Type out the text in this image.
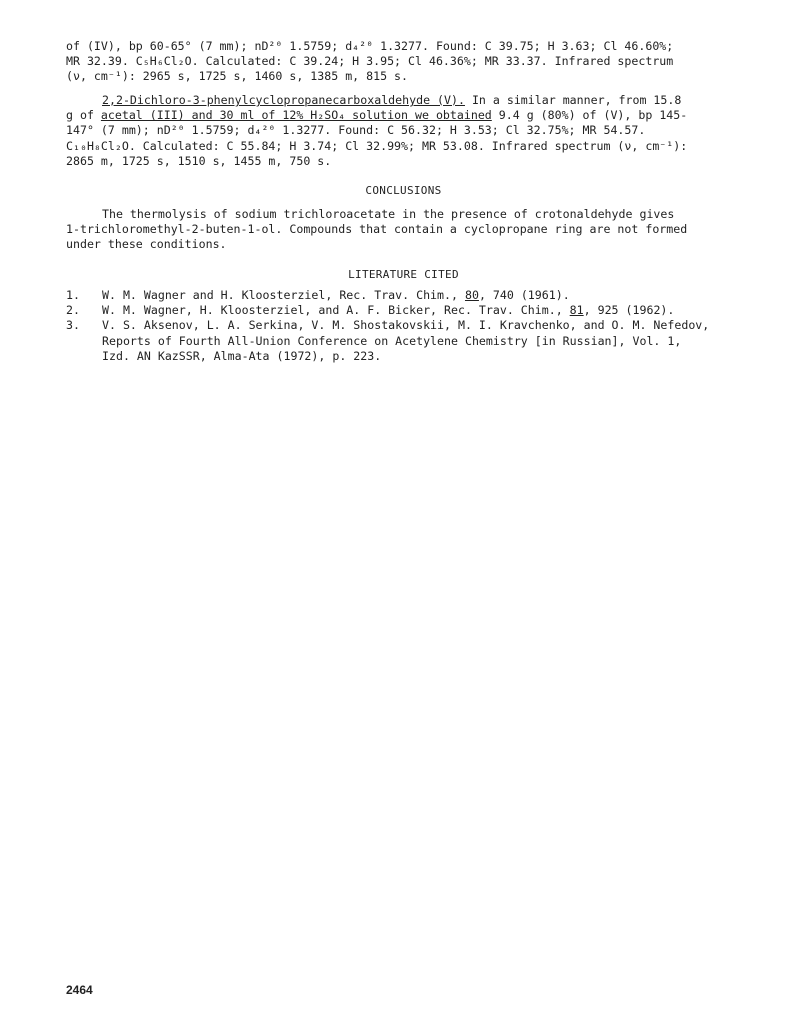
of (IV), bp 60-65° (7 mm); nD²⁰ 1.5759; d₄²⁰ 1.3277. Found: C 39.75; H 3.63; Cl 46.60%;

MR 32.39. C₅H₆Cl₂O. Calculated: C 39.24; H 3.95; Cl 46.36%; MR 33.37. Infrared spectrum

(ν, cm⁻¹): 2965 s, 1725 s, 1460 s, 1385 m, 815 s.

2,2-Dichloro-3-phenylcyclopropanecarboxaldehyde (V). In a similar manner, from 15.8

g of acetal (III) and 30 ml of 12% H₂SO₄ solution we obtained 9.4 g (80%) of (V), bp 145-

147° (7 mm); nD²⁰ 1.5759; d₄²⁰ 1.3277. Found: C 56.32; H 3.53; Cl 32.75%; MR 54.57.

C₁₀H₈Cl₂O. Calculated: C 55.84; H 3.74; Cl 32.99%; MR 53.08. Infrared spectrum (ν, cm⁻¹):

2865 m, 1725 s, 1510 s, 1455 m, 750 s.

CONCLUSIONS

The thermolysis of sodium trichloroacetate in the presence of crotonaldehyde gives

1-trichloromethyl-2-buten-1-ol. Compounds that contain a cyclopropane ring are not formed

under these conditions.

LITERATURE CITED
1.	W. M. Wagner and H. Kloosterziel, Rec. Trav. Chim., 80, 740 (1961).
2.	W. M. Wagner, H. Kloosterziel, and A. F. Bicker, Rec. Trav. Chim., 81, 925 (1962).
3.	V. S. Aksenov, L. A. Serkina, V. M. Shostakovskii, M. I. Kravchenko, and O. M. Nefedov,
Reports of Fourth All-Union Conference on Acetylene Chemistry [in Russian], Vol. 1,
Izd. AN KazSSR, Alma-Ata (1972), p. 223.
2464
